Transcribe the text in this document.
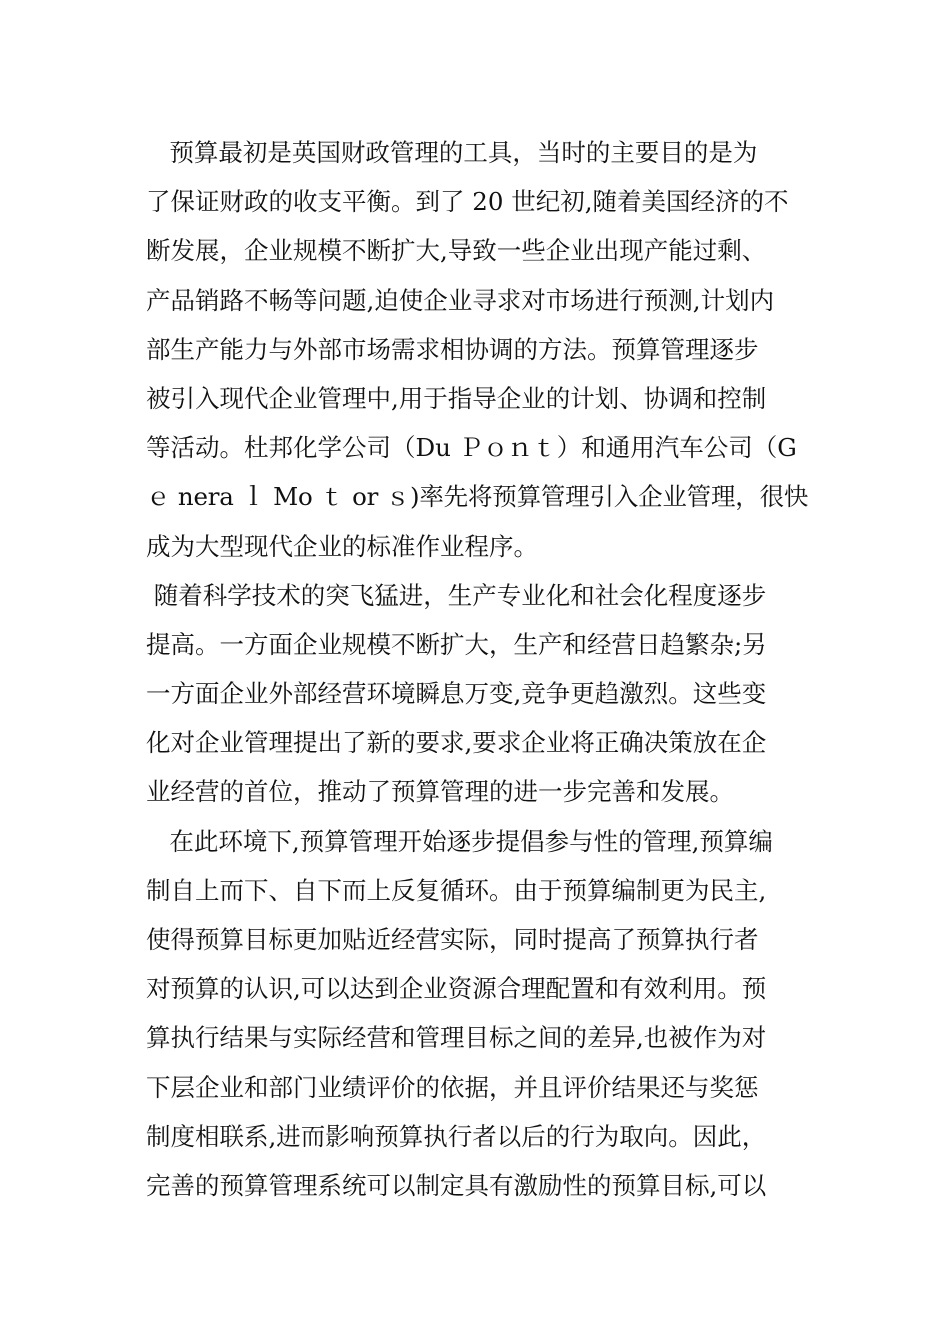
预算最初是英国财政管理的工具，当时的主要目的是为
了保证财政的收支平衡。到了 20 世纪初,随着美国经济的不
断发展，企业规模不断扩大,导致一些企业出现产能过剩、
产品销路不畅等问题,迫使企业寻求对市场进行预测,计划内
部生产能力与外部市场需求相协调的方法。预算管理逐步
被引入现代企业管理中,用于指导企业的计划、协调和控制
等活动。杜邦化学公司（Du Ｐｏｎｔ）和通用汽车公司（G
ｅ nera ｌ Mo ｔ or ｓ)率先将预算管理引入企业管理，很快
成为大型现代企业的标准作业程序。
随着科学技术的突飞猛进，生产专业化和社会化程度逐步
提高。一方面企业规模不断扩大，生产和经营日趋繁杂;另
一方面企业外部经营环境瞬息万变,竞争更趋激烈。这些变
化对企业管理提出了新的要求,要求企业将正确决策放在企
业经营的首位，推动了预算管理的进一步完善和发展。
在此环境下,预算管理开始逐步提倡参与性的管理,预算编
制自上而下、自下而上反复循环。由于预算编制更为民主,
使得预算目标更加贴近经营实际，同时提高了预算执行者
对预算的认识,可以达到企业资源合理配置和有效利用。预
算执行结果与实际经营和管理目标之间的差异,也被作为对
下层企业和部门业绩评价的依据，并且评价结果还与奖惩
制度相联系,进而影响预算执行者以后的行为取向。因此，
完善的预算管理系统可以制定具有激励性的预算目标,可以
